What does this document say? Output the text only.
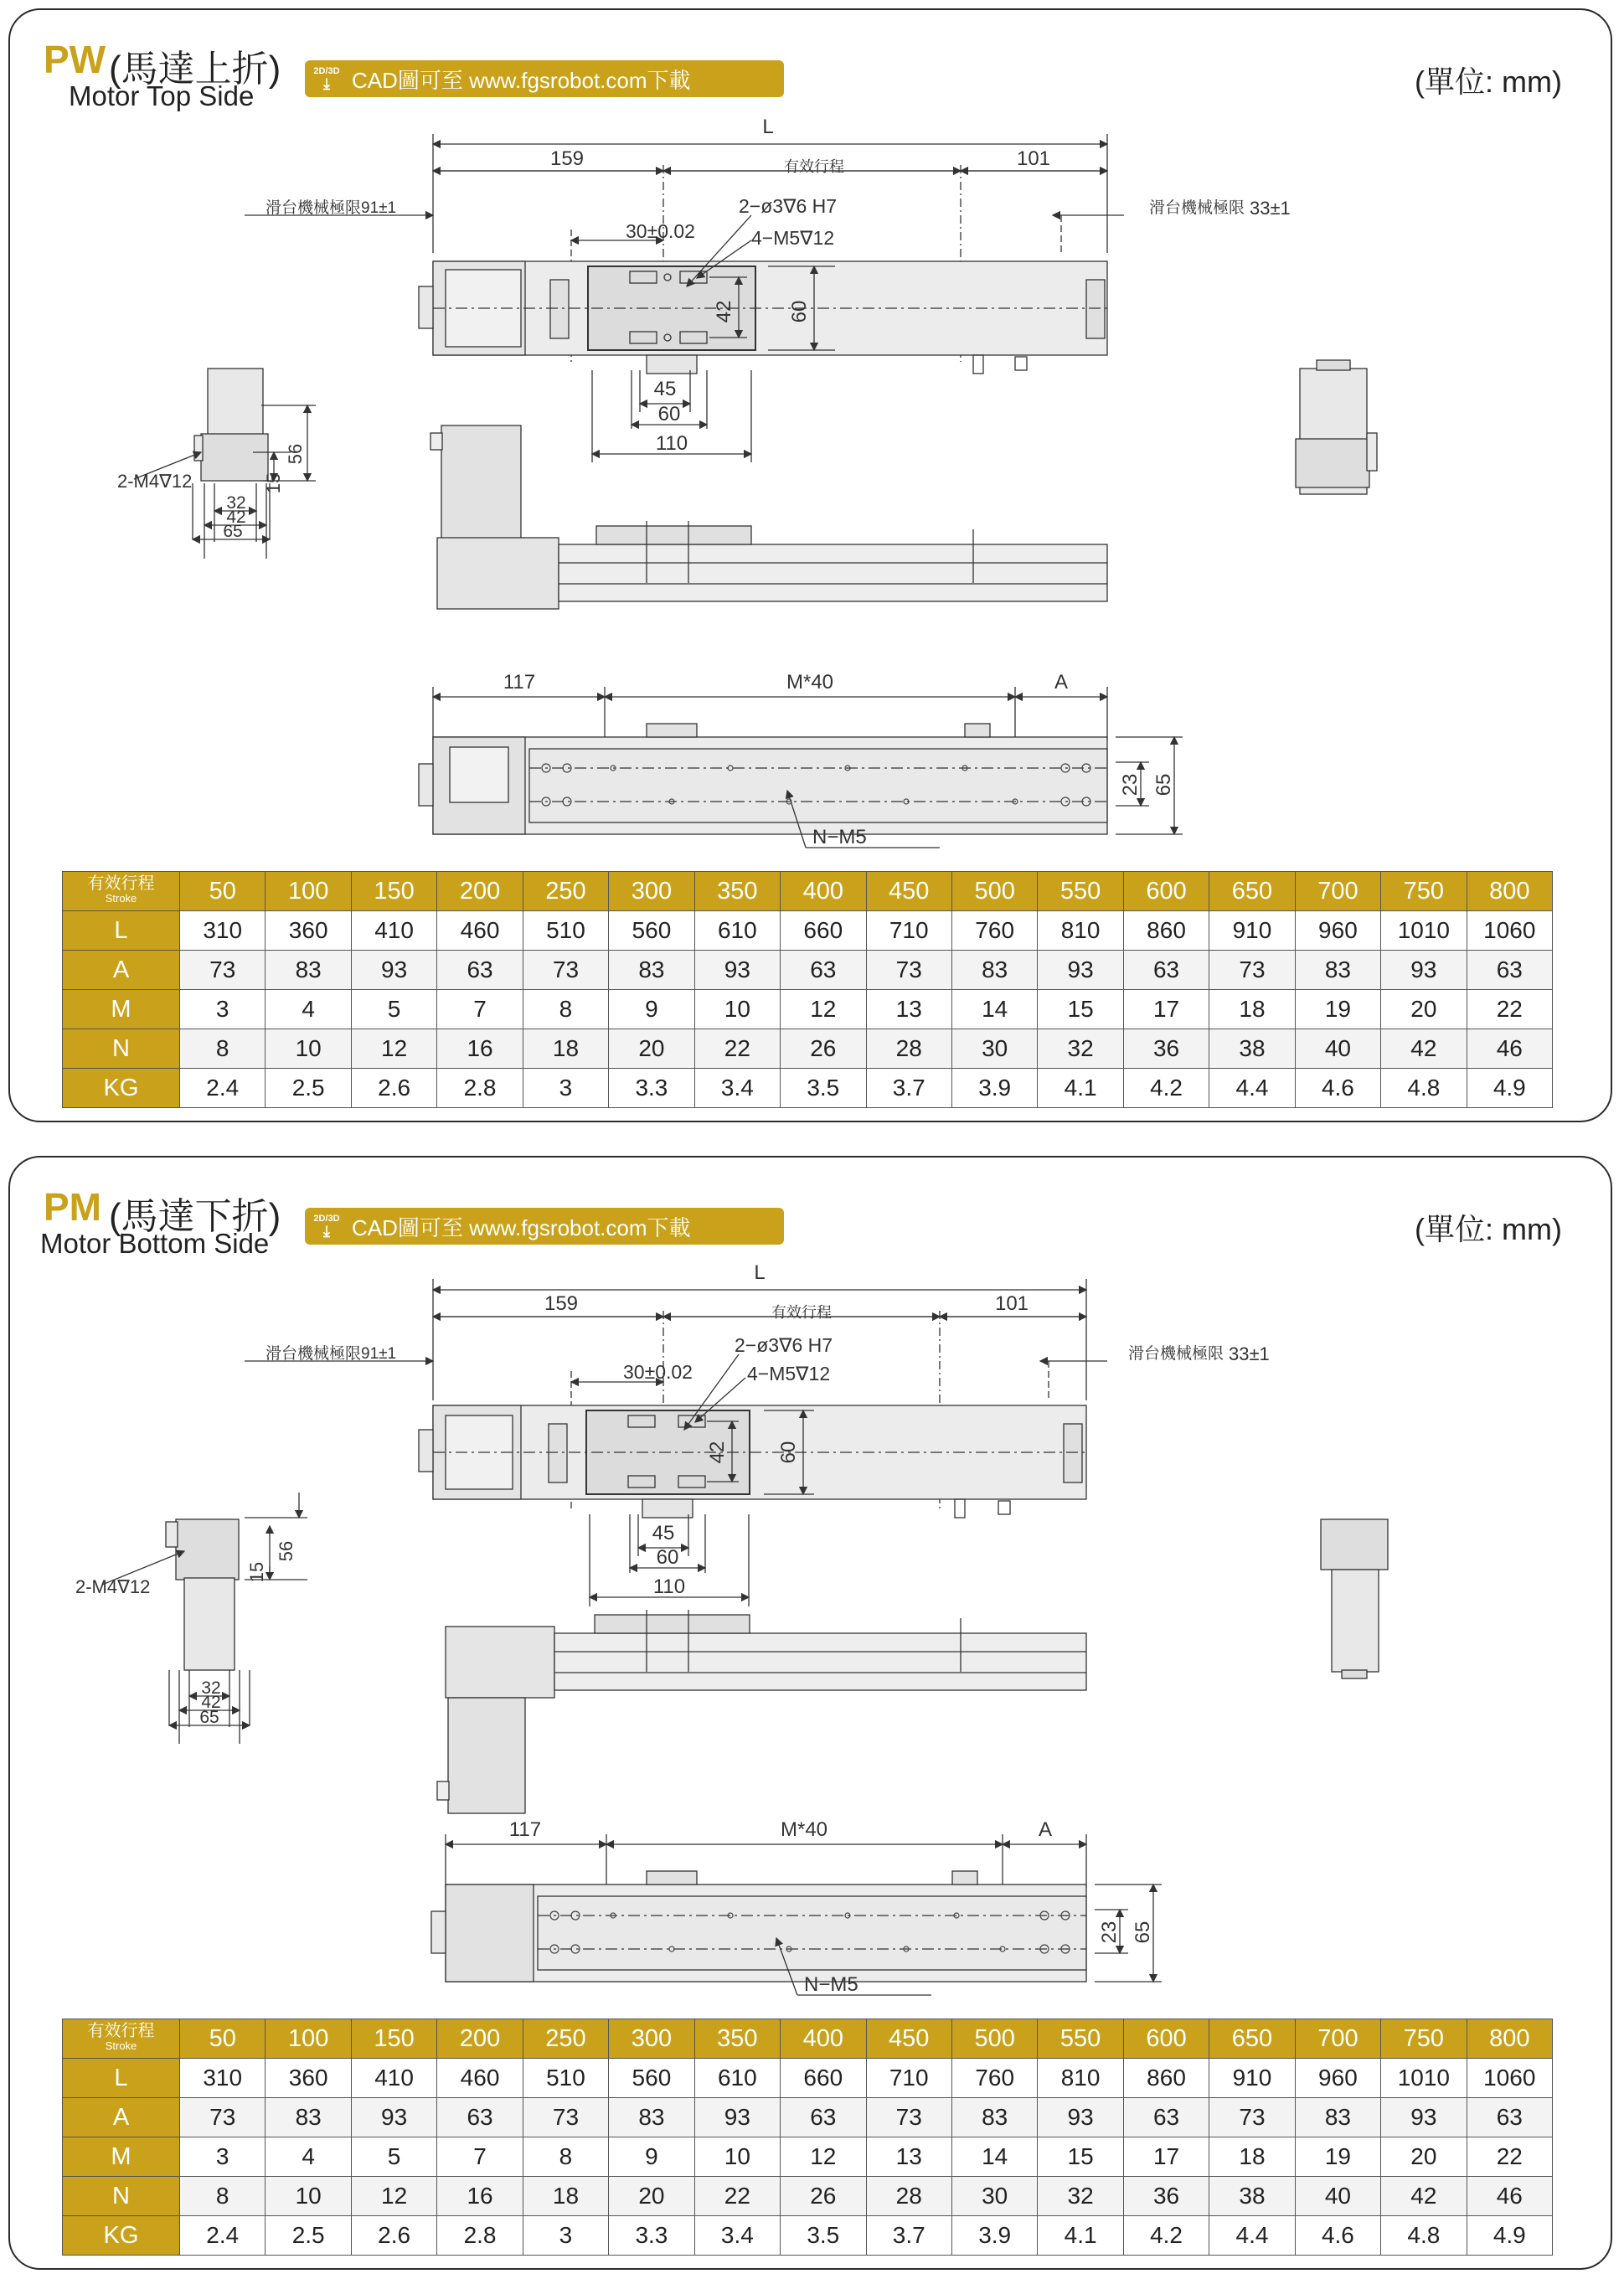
PW (馬達上折)
Motor Top Side
2D/3D
⤓ CAD圖可至 www.fgsrobot.com下載	(單位: mm)
L
159	有效行程	101
滑台機械極限91±1	滑台機械極限 33±1
30±0.02
2−ø3∇6 H7
4−M5∇12
42	60
45
60
110
2-M4∇12
56
15
32
42
65
117	M*40	A
23 65
N−M5
有效行程
Stroke	50	100	150	200	250	300	350	400	450	500	550	600	650	700	750	800
L	310	360	410	460	510	560	610	660	710	760	810	860	910	960	1010	1060
A	73	83	93	63	73	83	93	63	73	83	93	63	73	83	93	63
M	3	4	5	7	8	9	10	12	13	14	15	17	18	19	20	22
N	8	10	12	16	18	20	22	26	28	30	32	36	38	40	42	46
KG	2.4	2.5	2.6	2.8	3	3.3	3.4	3.5	3.7	3.9	4.1	4.2	4.4	4.6	4.8	4.9
PM (馬達下折)
Motor Bottom Side
2D/3D
⤓ CAD圖可至 www.fgsrobot.com下載	(單位: mm)
L
159	有效行程	101
滑台機械極限91±1	滑台機械極限 33±1
30±0.02
2−ø3∇6 H7
4−M5∇12
42 60
45
60
110
2-M4∇12
56
15
32
42
65
117	M*40	A
23 65
N−M5
有效行程
Stroke	50	100	150	200	250	300	350	400	450	500	550	600	650	700	750	800
L	310	360	410	460	510	560	610	660	710	760	810	860	910	960	1010	1060
A	73	83	93	63	73	83	93	63	73	83	93	63	73	83	93	63
M	3	4	5	7	8	9	10	12	13	14	15	17	18	19	20	22
N	8	10	12	16	18	20	22	26	28	30	32	36	38	40	42	46
KG	2.4	2.5	2.6	2.8	3	3.3	3.4	3.5	3.7	3.9	4.1	4.2	4.4	4.6	4.8	4.9
